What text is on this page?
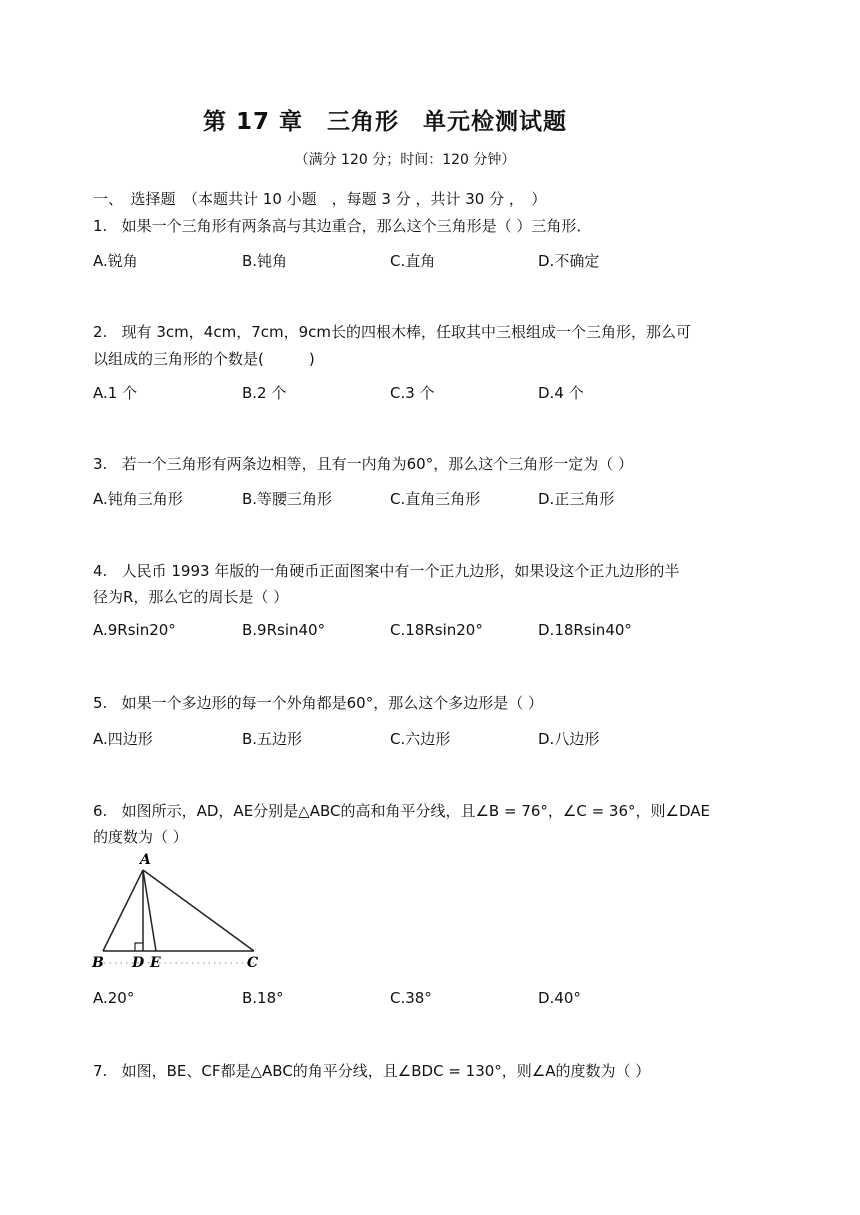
第 17 章　三角形　单元检测试题
（满分 120 分；时间：120 分钟）
一、　选择题　（本题共计 10 小题　，每题 3 分 ，共计 30 分 ，　）
1. 如果一个三角形有两条高与其边重合，那么这个三角形是（ ）三角形．
A.锐角	B.钝角	C.直角	D.不确定
2. 现有 3cm，4cm，7cm，9cm长的四根木棒，任取其中三根组成一个三角形，那么可
以组成的三角形的个数是(　　　)
A.1 个	B.2 个	C.3 个	D.4 个
3. 若一个三角形有两条边相等，且有一内角为60°，那么这个三角形一定为（ ）
A.钝角三角形	B.等腰三角形	C.直角三角形	D.正三角形
4. 人民币 1993 年版的一角硬币正面图案中有一个正九边形，如果设这个正九边形的半
径为R，那么它的周长是（ ）
A.9Rsin20°	B.9Rsin40°	C.18Rsin20°	D.18Rsin40°
5. 如果一个多边形的每一个外角都是60°，那么这个多边形是（ ）
A.四边形	B.五边形	C.六边形	D.八边形
6. 如图所示，AD，AE分别是△ABC的高和角平分线，且∠B = 76°，∠C = 36°，则∠DAE
的度数为（ ）
A
B D E	C
A.20°	B.18°	C.38°	D.40°
7. 如图，BE、CF都是△ABC的角平分线，且∠BDC = 130°，则∠A的度数为（ ）
